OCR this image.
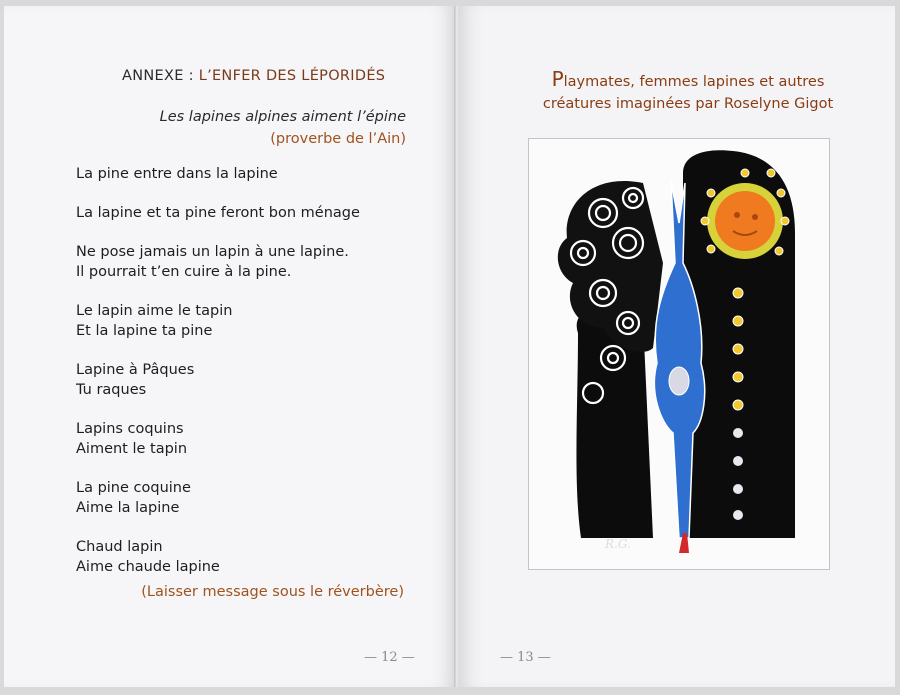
ANNEXE : L’ENFER DES LÉPORIDÉS
Les lapines alpines aiment l’épine
(proverbe de l’Ain)
La pine entre dans la lapine
La lapine et ta pine feront bon ménage
Ne pose jamais un lapin à une lapine.
Il pourrait t’en cuire à la pine.
Le lapin aime le tapin
Et la lapine ta pine
Lapine à Pâques
Tu raques
Lapins coquins
Aiment le tapin
La pine coquine
Aime la lapine
Chaud lapin
Aime chaude lapine
(Laisser message sous le réverbère)
— 12 —
Playmates, femmes lapines et autres
créatures imaginées par Roselyne Gigot
R.G.
— 13 —
